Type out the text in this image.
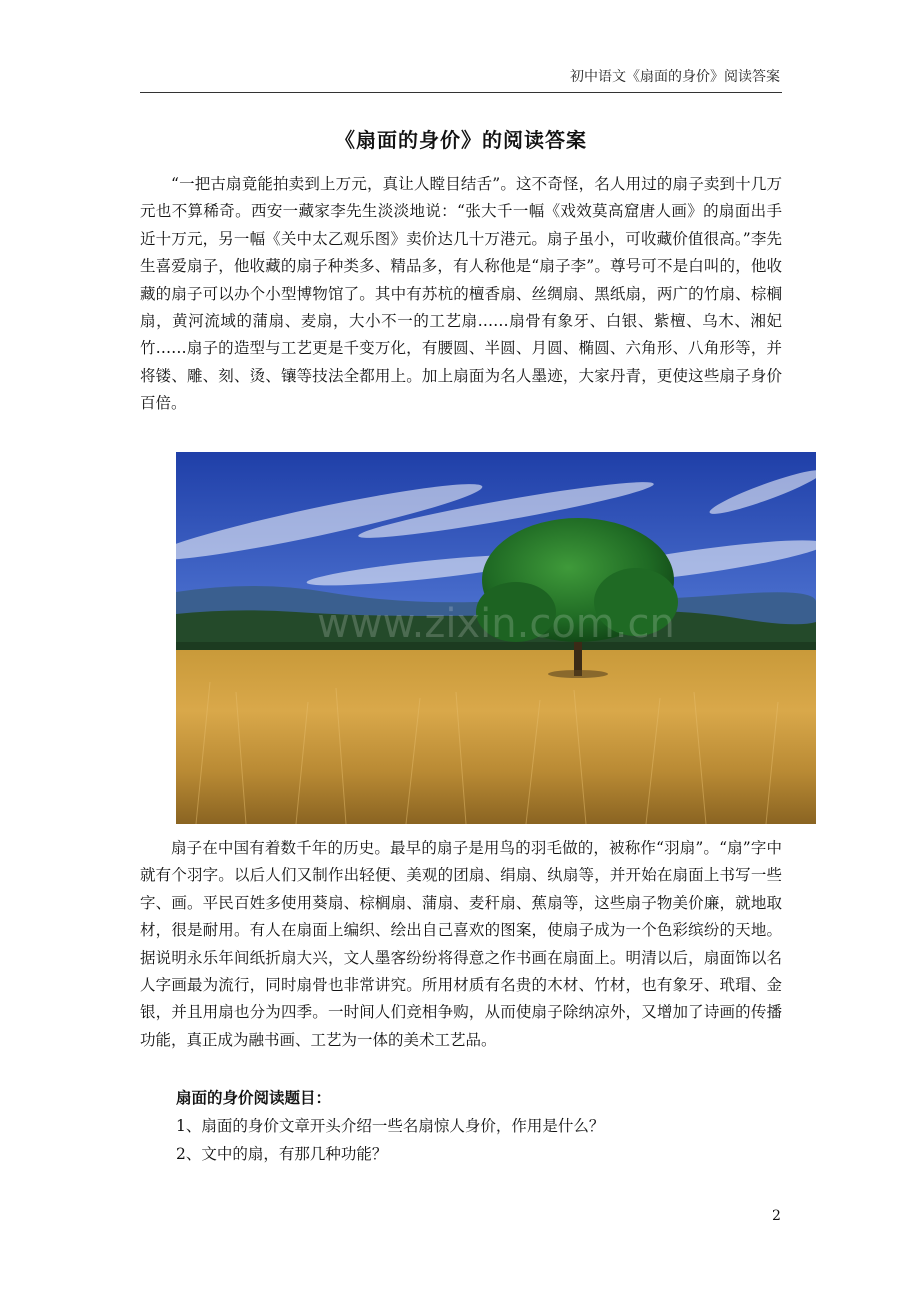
初中语文《扇面的身价》阅读答案
《扇面的身价》的阅读答案

“一把古扇竟能拍卖到上万元，真让人瞠目结舌”。这不奇怪，名人用过的扇子卖到十几万元也不算稀奇。西安一藏家李先生淡淡地说：“张大千一幅《戏效莫高窟唐人画》的扇面出手近十万元，另一幅《关中太乙观乐图》卖价达几十万港元。扇子虽小，可收藏价值很高。”李先生喜爱扇子，他收藏的扇子种类多、精品多，有人称他是“扇子李”。尊号可不是白叫的，他收藏的扇子可以办个小型博物馆了。其中有苏杭的檀香扇、丝绸扇、黑纸扇，两广的竹扇、棕榈扇，黄河流域的蒲扇、麦扇，大小不一的工艺扇……扇骨有象牙、白银、紫檀、乌木、湘妃竹……扇子的造型与工艺更是千变万化，有腰圆、半圆、月圆、椭圆、六角形、八角形等，并将镂、雕、刻、烫、镶等技法全都用上。加上扇面为名人墨迹，大家丹青，更使这些扇子身价百倍。

www.zixin.com.cn

扇子在中国有着数千年的历史。最早的扇子是用鸟的羽毛做的，被称作“羽扇”。“扇”字中就有个羽字。以后人们又制作出轻便、美观的团扇、绢扇、纨扇等，并开始在扇面上书写一些字、画。平民百姓多使用葵扇、棕榈扇、蒲扇、麦秆扇、蕉扇等，这些扇子物美价廉，就地取材，很是耐用。有人在扇面上编织、绘出自己喜欢的图案，使扇子成为一个色彩缤纷的天地。据说明永乐年间纸折扇大兴，文人墨客纷纷将得意之作书画在扇面上。明清以后，扇面饰以名人字画最为流行，同时扇骨也非常讲究。所用材质有名贵的木材、竹材，也有象牙、玳瑁、金银，并且用扇也分为四季。一时间人们竞相争购，从而使扇子除纳凉外，又增加了诗画的传播功能，真正成为融书画、工艺为一体的美术工艺品。

扇面的身价阅读题目：
1、扇面的身价文章开头介绍一些名扇惊人身价，作用是什么？
2、文中的扇，有那几种功能？
2
